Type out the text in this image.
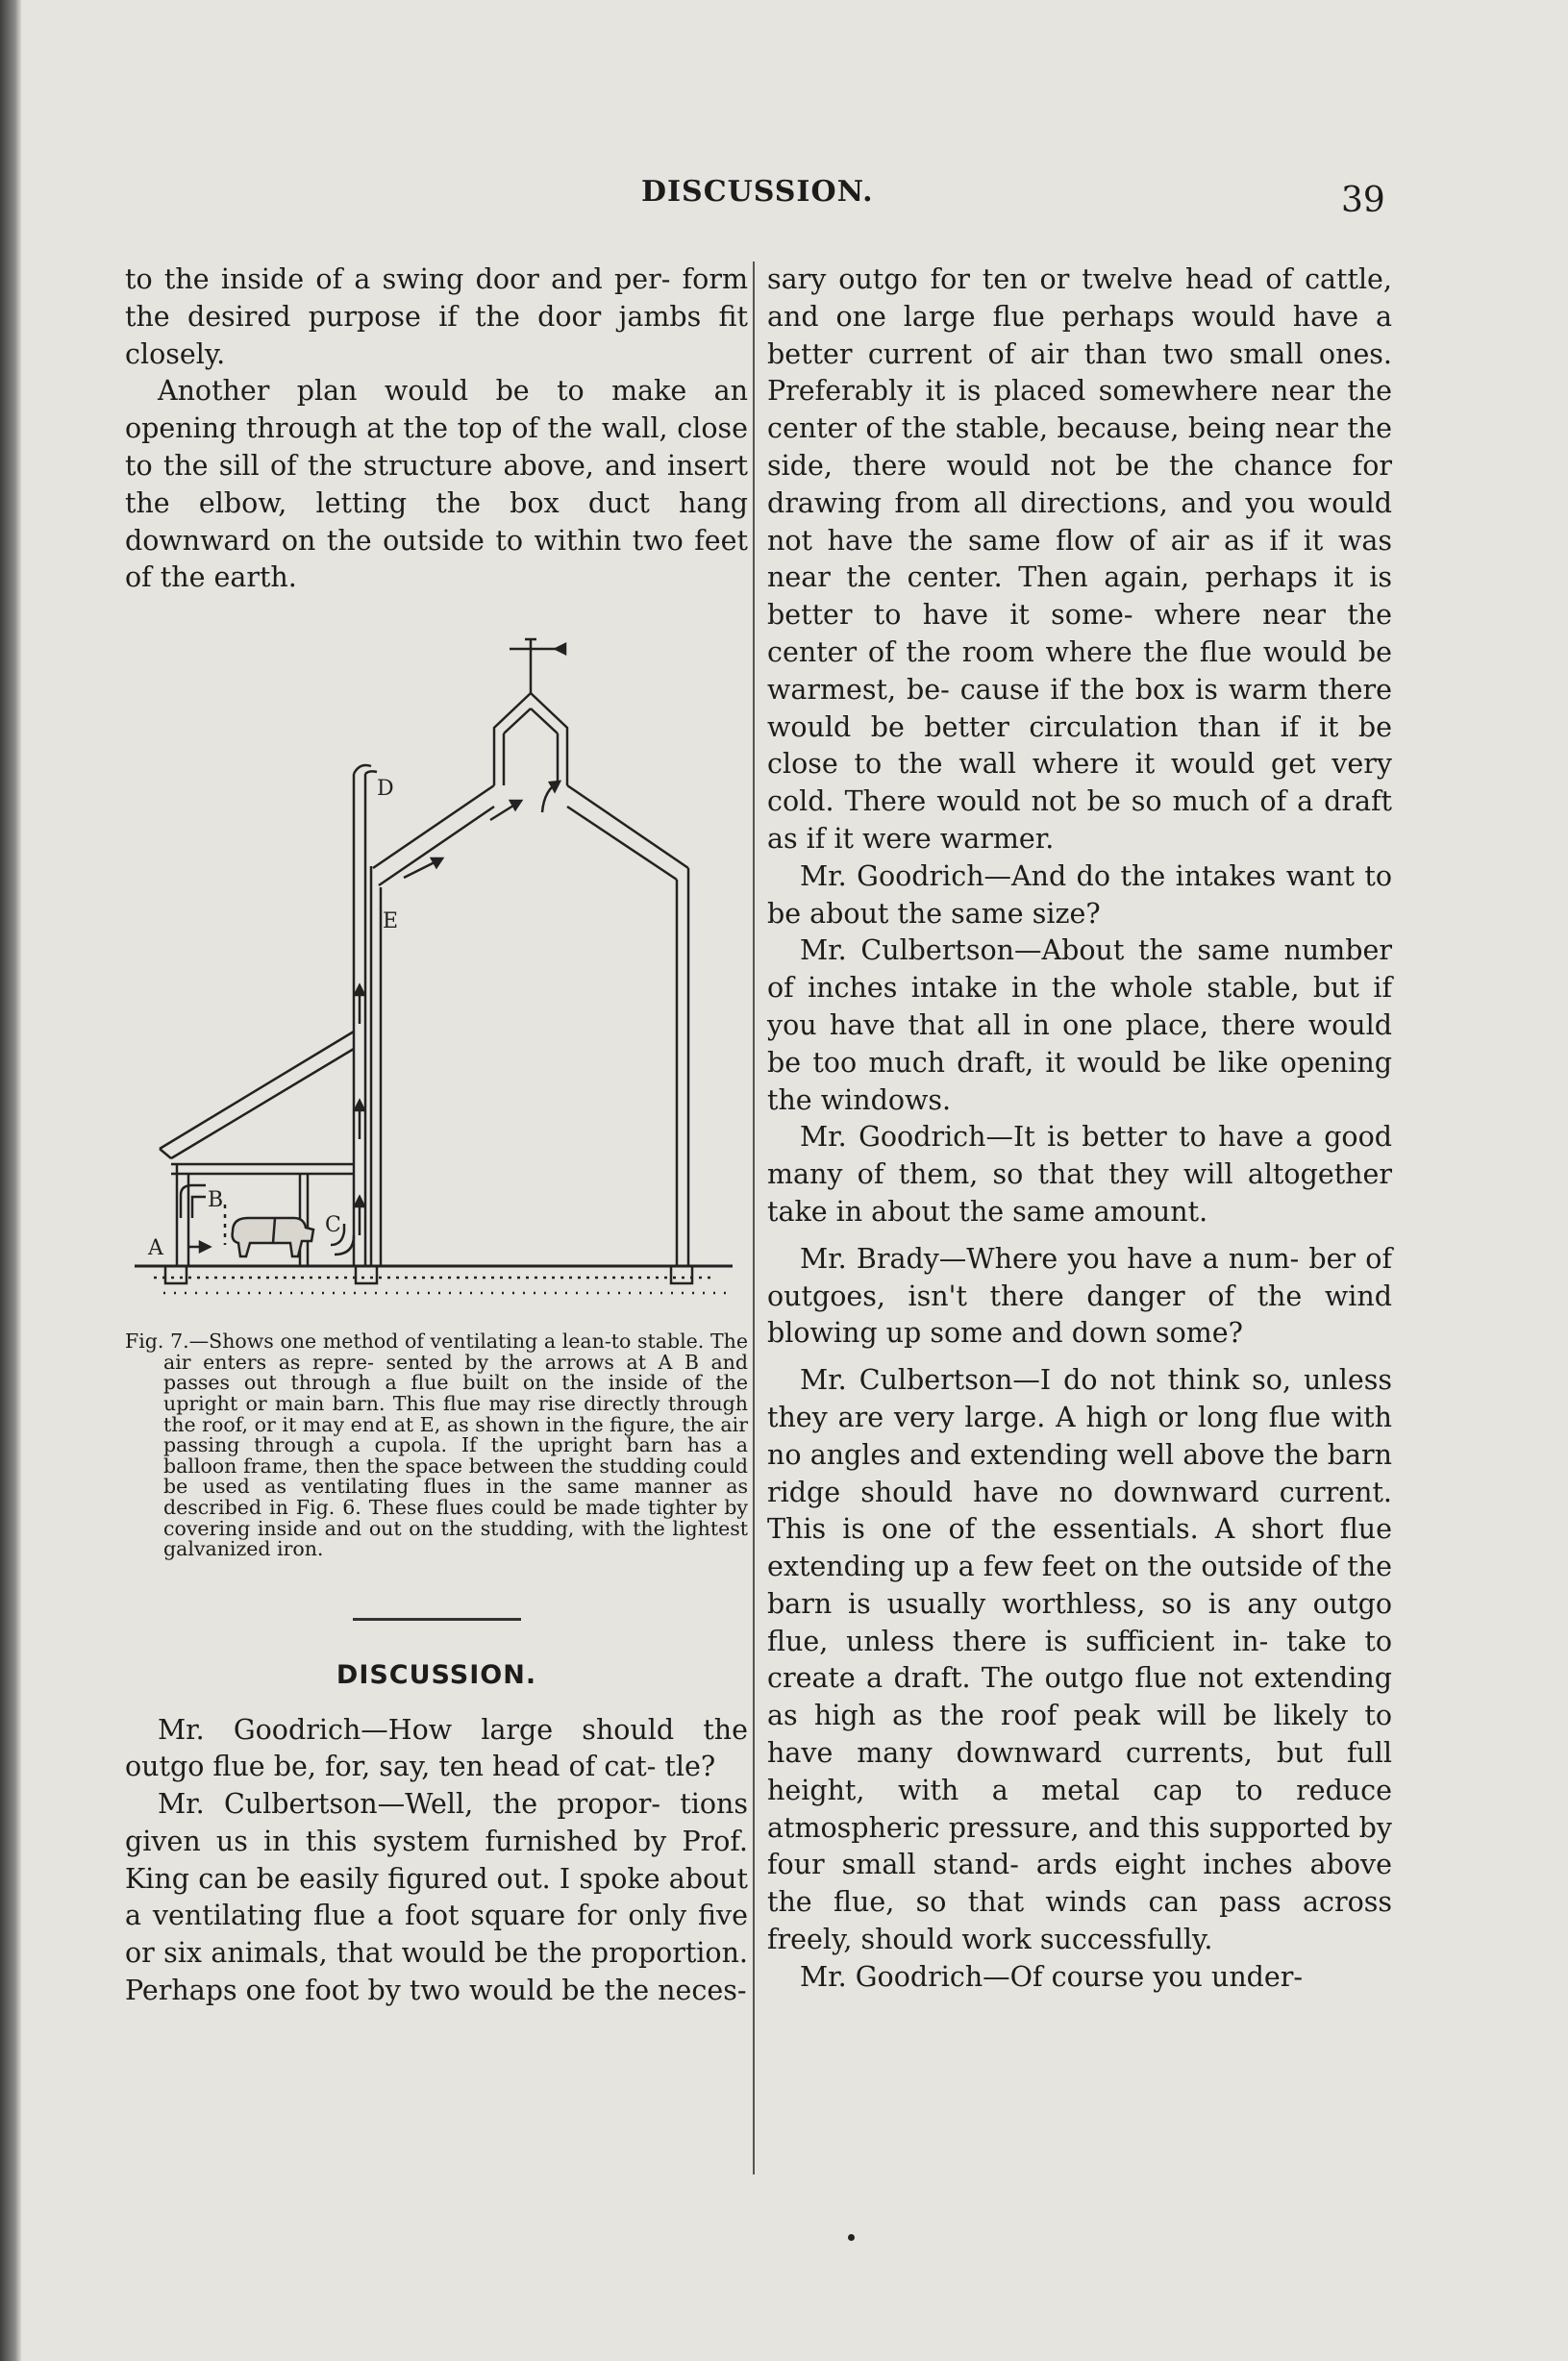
DISCUSSION.	39

to the inside of a swing door and per- form the desired purpose if the door jambs fit closely.

Another plan would be to make an opening through at the top of the wall, close to the sill of the structure above, and insert the elbow, letting the box duct hang downward on the outside to within two feet of the earth.

A
B
C
D
E
Fig. 7.—Shows one method of ventilating a lean-to stable. The air enters as repre- sented by the arrows at A B and passes out through a flue built on the inside of the upright or main barn. This flue may rise directly through the roof, or it may end at E, as shown in the figure, the air passing through a cupola. If the upright barn has a balloon frame, then the space between the studding could be used as ventilating flues in the same manner as described in Fig. 6. These flues could be made tighter by covering inside and out on the studding, with the lightest galvanized iron.
DISCUSSION.

Mr. Goodrich—How large should the outgo flue be, for, say, ten head of cat- tle?

Mr. Culbertson—Well, the propor- tions given us in this system furnished by Prof. King can be easily figured out. I spoke about a ventilating flue a foot square for only five or six animals, that would be the proportion. Perhaps one foot by two would be the neces-

sary outgo for ten or twelve head of cattle, and one large flue perhaps would have a better current of air than two small ones. Preferably it is placed somewhere near the center of the stable, because, being near the side, there would not be the chance for drawing from all directions, and you would not have the same flow of air as if it was near the center. Then again, perhaps it is better to have it some- where near the center of the room where the flue would be warmest, be- cause if the box is warm there would be better circulation than if it be close to the wall where it would get very cold. There would not be so much of a draft as if it were warmer.

Mr. Goodrich—And do the intakes want to be about the same size?

Mr. Culbertson—About the same number of inches intake in the whole stable, but if you have that all in one place, there would be too much draft, it would be like opening the windows.

Mr. Goodrich—It is better to have a good many of them, so that they will altogether take in about the same amount.

Mr. Brady—Where you have a num- ber of outgoes, isn't there danger of the wind blowing up some and down some?

Mr. Culbertson—I do not think so, unless they are very large. A high or long flue with no angles and extending well above the barn ridge should have no downward current. This is one of the essentials. A short flue extending up a few feet on the outside of the barn is usually worthless, so is any outgo flue, unless there is sufficient in- take to create a draft. The outgo flue not extending as high as the roof peak will be likely to have many downward currents, but full height, with a metal cap to reduce atmospheric pressure, and this supported by four small stand- ards eight inches above the flue, so that winds can pass across freely, should work successfully.

Mr. Goodrich—Of course you under-
